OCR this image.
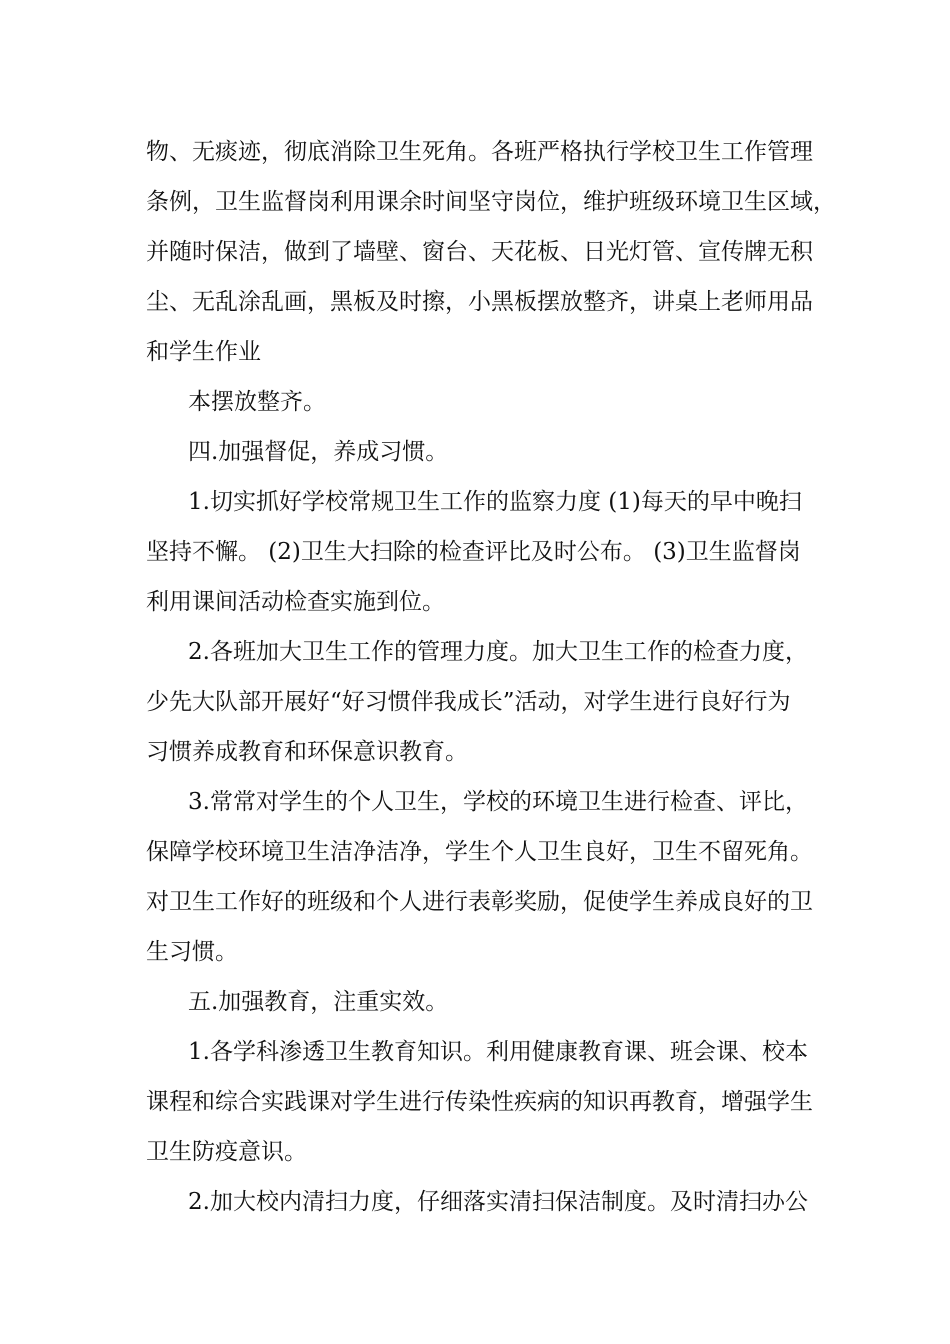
物、无痰迹，彻底消除卫生死角。各班严格执行学校卫生工作管理
条例，卫生监督岗利用课余时间坚守岗位，维护班级环境卫生区域，
并随时保洁，做到了墙壁、窗台、天花板、日光灯管、宣传牌无积
尘、无乱涂乱画，黑板及时擦，小黑板摆放整齐，讲桌上老师用品
和学生作业
本摆放整齐。
四.加强督促，养成习惯。
1.切实抓好学校常规卫生工作的监察力度 (1)每天的早中晚扫
坚持不懈。 (2)卫生大扫除的检查评比及时公布。 (3)卫生监督岗
利用课间活动检查实施到位。
2.各班加大卫生工作的管理力度。加大卫生工作的检查力度，
少先大队部开展好“好习惯伴我成长”活动，对学生进行良好行为
习惯养成教育和环保意识教育。
3.常常对学生的个人卫生，学校的环境卫生进行检查、评比，
保障学校环境卫生洁净洁净，学生个人卫生良好，卫生不留死角。
对卫生工作好的班级和个人进行表彰奖励，促使学生养成良好的卫
生习惯。
五.加强教育，注重实效。
1.各学科渗透卫生教育知识。利用健康教育课、班会课、校本
课程和综合实践课对学生进行传染性疾病的知识再教育，增强学生
卫生防疫意识。
2.加大校内清扫力度，仔细落实清扫保洁制度。及时清扫办公
